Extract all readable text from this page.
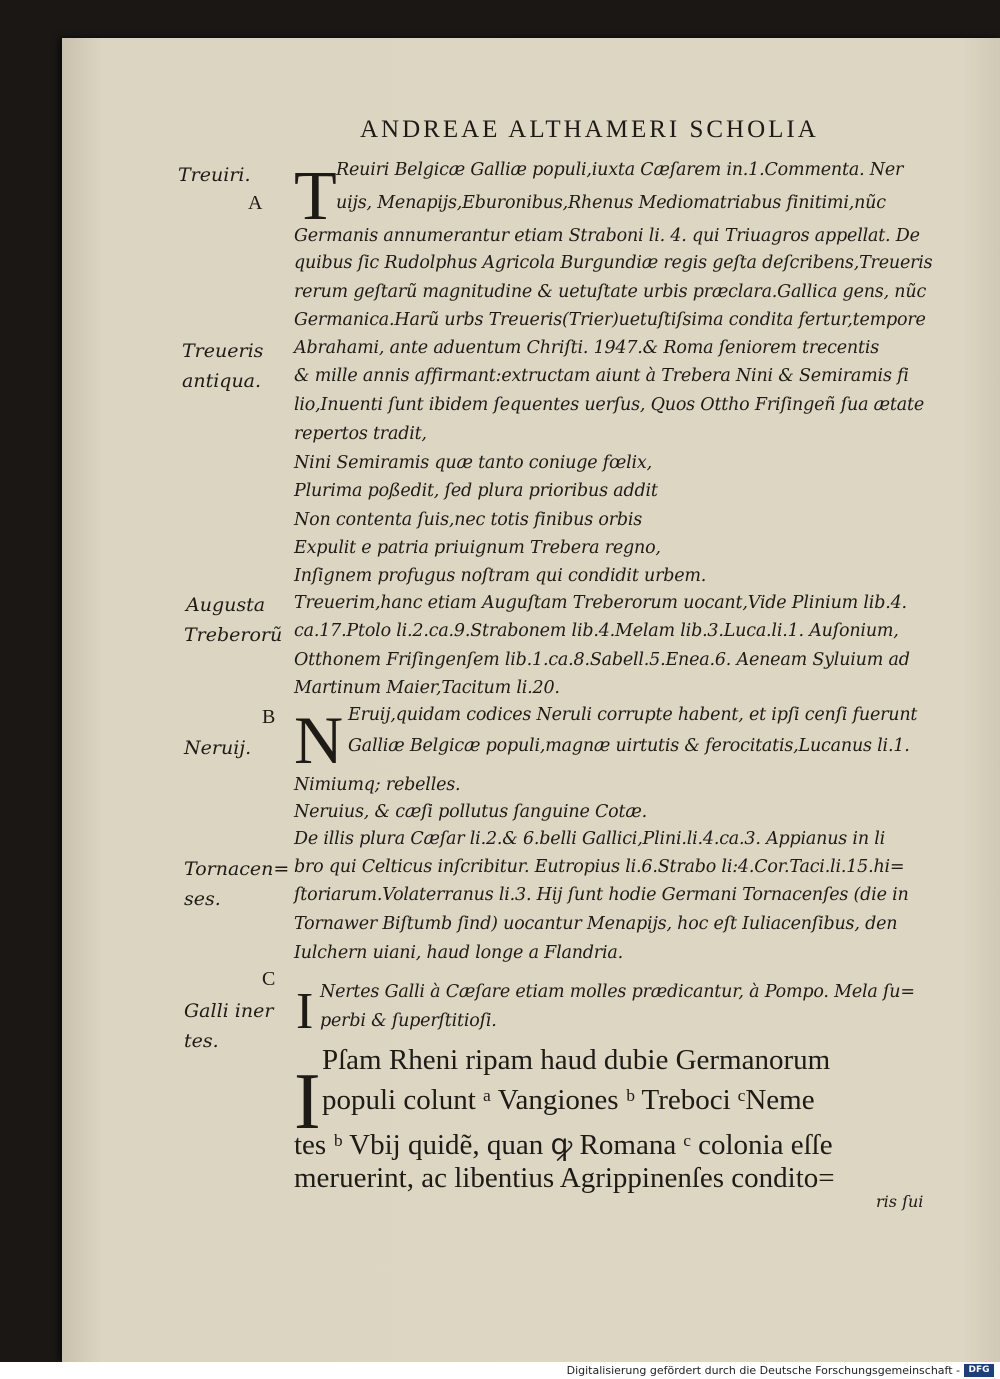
ANDREAE ALTHAMERI SCHOLIA
Treuiri.
A
Treueris
antiqua.
Augusta
Treberorũ
B
Neruij.
Tornacen=
ses.
C
Galli iner
tes.
T Reuiri Belgicæ Galliæ populi,iuxta Cæſarem in.1.Commenta. Ner
uijs, Menapijs,Eburonibus,Rhenus Mediomatriabus finitimi,nũc
Germanis annumerantur etiam Straboni li. 4. qui Triuagros appellat. De
quibus ſic Rudolphus Agricola Burgundiæ regis geſta deſcribens,Treueris
rerum geſtarũ magnitudine & uetuſtate urbis præclara.Gallica gens, nũc
Germanica.Harũ urbs Treueris(Trier)uetuſtiſsima condita fertur,tempore
Abrahami, ante aduentum Chriſti. 1947.& Roma ſeniorem trecentis
& mille annis affirmant:extructam aiunt à Trebera Nini & Semiramis fi
lio,Inuenti ſunt ibidem ſequentes uerſus, Quos Ottho Friſingeñ ſua ætate
repertos tradit,
Nini Semiramis quæ tanto coniuge fœlix,
Plurima poßedit, ſed plura prioribus addit
Non contenta ſuis,nec totis finibus orbis
Expulit e patria priuignum Trebera regno,
Inſignem profugus noſtram qui condidit urbem.
Treuerim,hanc etiam Auguſtam Treberorum uocant,Vide Plinium lib.4.
ca.17.Ptolo li.2.ca.9.Strabonem lib.4.Melam lib.3.Luca.li.1. Auſonium,
Otthonem Friſingenſem lib.1.ca.8.Sabell.5.Enea.6. Aeneam Syluium ad
Martinum Maier,Tacitum li.20.
N Eruij,quidam codices Neruli corrupte habent, et ipſi cenſi fuerunt
Galliæ Belgicæ populi,magnæ uirtutis & ferocitatis,Lucanus li.1.
Nimiumq; rebelles.
Neruius, & cæſi pollutus ſanguine Cotæ.
De illis plura Cæſar li.2.& 6.belli Gallici,Plini.li.4.ca.3. Appianus in li
bro qui Celticus inſcribitur. Eutropius li.6.Strabo li:4.Cor.Taci.li.15.hi=
ſtoriarum.Volaterranus li.3. Hij ſunt hodie Germani Tornacenſes (die in
Tornawer Biſtumb ſind) uocantur Menapijs, hoc eſt Iuliacenſibus, den
Iulchern uiani, haud longe a Flandria.
I Nertes Galli à Cæſare etiam molles prædicantur, à Pompo. Mela ſu=
perbi & ſuperſtitioſi.
I Pſam Rheni ripam haud dubie Germanorum
populi colunt ᵃ Vangiones ᵇ Treboci ᶜNeme
tes ᵇ Vbij quidẽ, quan ꝙ Romana ᶜ colonia eſſe
meruerint, ac libentius Agrippinenſes condito=
ris ſui
Digitalisierung gefördert durch die Deutsche Forschungsgemeinschaft - DFG
